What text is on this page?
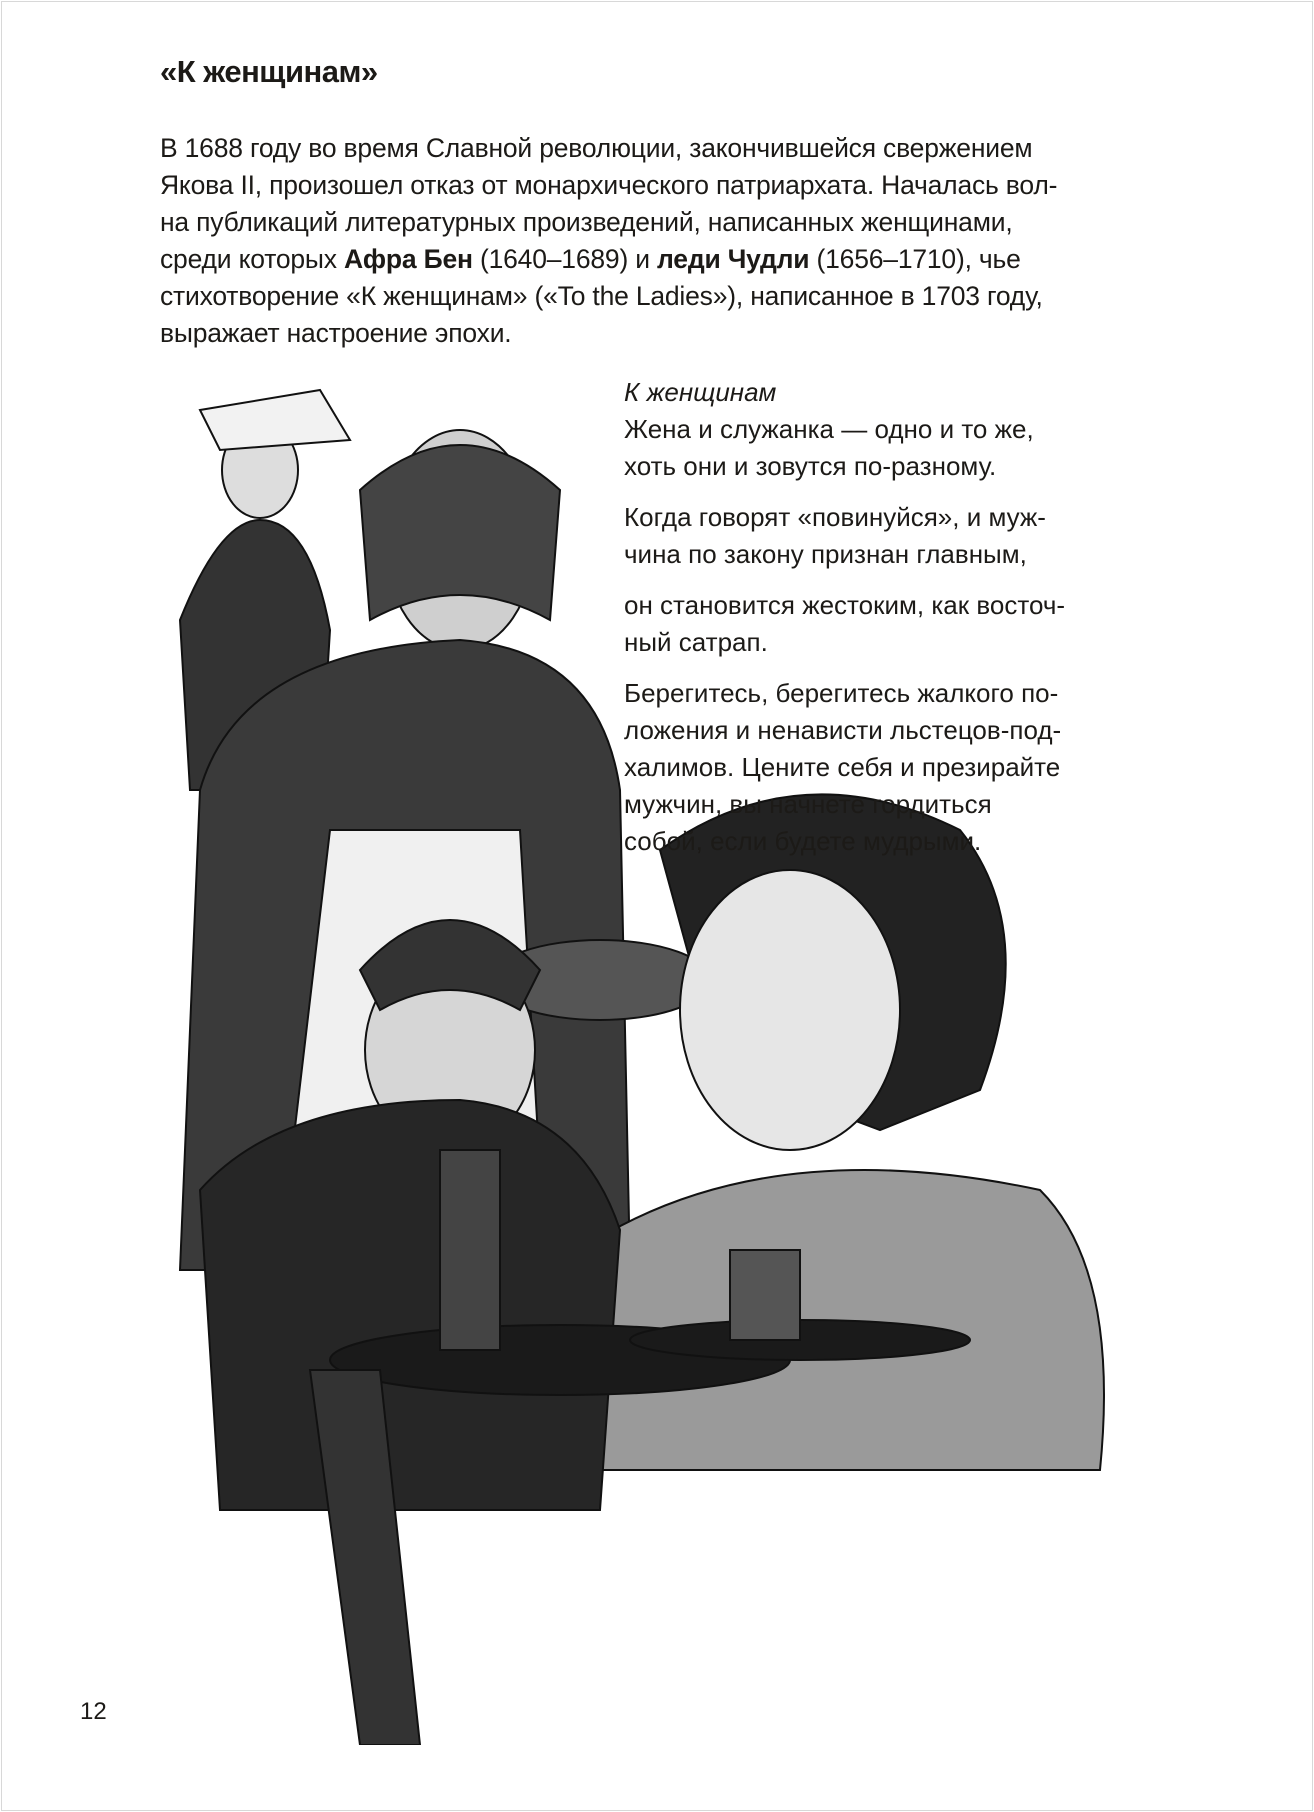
«К женщинам»
В 1688 году во время Славной революции, закончившейся свержением
Якова II, произошел отказ от монархического патриархата. Началась вол-
на публикаций литературных произведений, написанных женщинами,
среди которых Афра Бен (1640–1689) и леди Чудли (1656–1710), чье
стихотворение «К женщинам» («To the Ladies»), написанное в 1703 году,
выражает настроение эпохи.
К женщинам
Жена и служанка — одно и то же,
хоть они и зовутся по-разному.
Когда говорят «повинуйся», и муж-
чина по закону признан главным,
он становится жестоким, как восточ-
ный сатрап.
Берегитесь, берегитесь жалкого по-
ложения и ненависти льстецов-под-
халимов. Цените себя и презирайте
мужчин, вы начнете гордиться
собой, если будете мудрыми.
12
